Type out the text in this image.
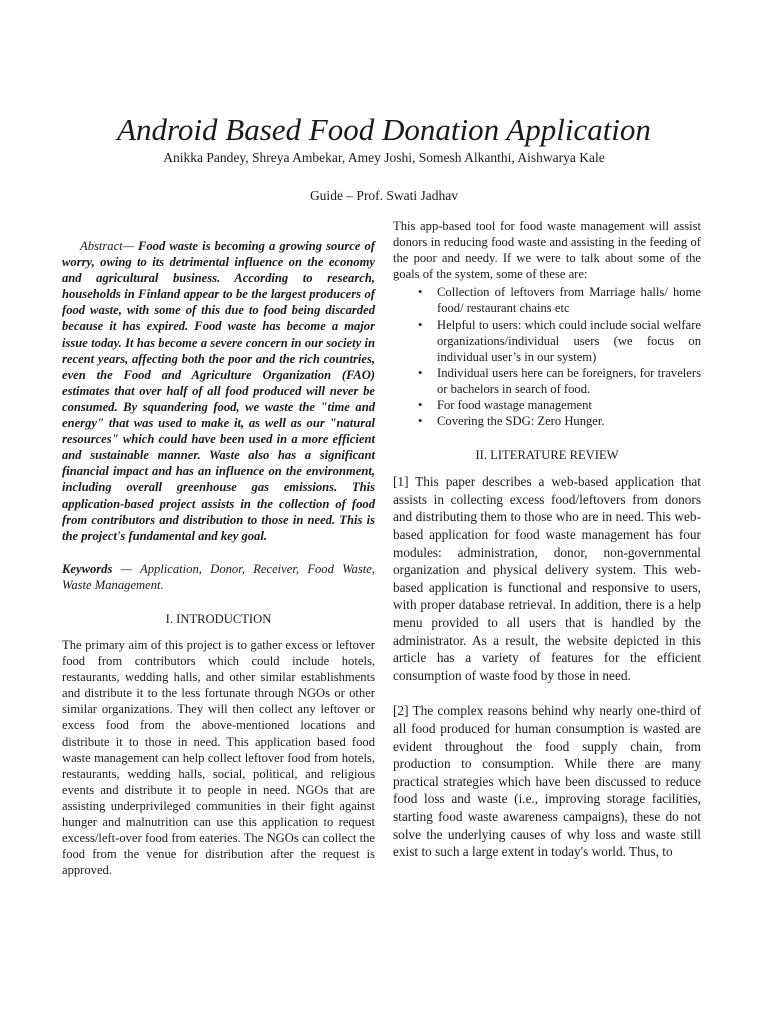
Android Based Food Donation Application
Anikka Pandey, Shreya Ambekar, Amey Joshi, Somesh Alkanthi, Aishwarya Kale
Guide – Prof. Swati Jadhav

Abstract— Food waste is becoming a growing source of worry, owing to its detrimental influence on the economy and agricultural business. According to research, households in Finland appear to be the largest producers of food waste, with some of this due to food being discarded because it has expired. Food waste has become a major issue today. It has become a severe concern in our society in recent years, affecting both the poor and the rich countries, even the Food and Agriculture Organization (FAO) estimates that over half of all food produced will never be consumed. By squandering food, we waste the "time and energy" that was used to make it, as well as our "natural resources" which could have been used in a more efficient and sustainable manner. Waste also has a significant financial impact and has an influence on the environment, including overall greenhouse gas emissions. This application-based project assists in the collection of food from contributors and distribution to those in need. This is the project's fundamental and key goal.

Keywords — Application, Donor, Receiver, Food Waste, Waste Management.

I. INTRODUCTION

The primary aim of this project is to gather excess or leftover food from contributors which could include hotels, restaurants, wedding halls, and other similar establishments and distribute it to the less fortunate through NGOs or other similar organizations. They will then collect any leftover or excess food from the above-mentioned locations and distribute it to those in need. This application based food waste management can help collect leftover food from hotels, restaurants, wedding halls, social, political, and religious events and distribute it to people in need. NGOs that are assisting underprivileged communities in their fight against hunger and malnutrition can use this application to request excess/left-over food from eateries. The NGOs can collect the food from the venue for distribution after the request is approved.

This app-based tool for food waste management will assist donors in reducing food waste and assisting in the feeding of the poor and needy. If we were to talk about some of the goals of the system, some of these are:

• Collection of leftovers from Marriage halls/ home food/ restaurant chains etc
• Helpful to users: which could include social welfare organizations/individual users (we focus on individual user’s in our system)
• Individual users here can be foreigners, for travelers or bachelors in search of food.
• For food wastage management
• Covering the SDG: Zero Hunger.
II. LITERATURE REVIEW

[1] This paper describes a web-based application that assists in collecting excess food/leftovers from donors and distributing them to those who are in need. This web-based application for food waste management has four modules: administration, donor, non-governmental organization and physical delivery system. This web-based application is functional and responsive to users, with proper database retrieval. In addition, there is a help menu provided to all users that is handled by the administrator. As a result, the website depicted in this article has a variety of features for the efficient consumption of waste food by those in need.

[2] The complex reasons behind why nearly one-third of all food produced for human consumption is wasted are evident throughout the food supply chain, from production to consumption. While there are many practical strategies which have been discussed to reduce food loss and waste (i.e., improving storage facilities, starting food waste awareness campaigns), these do not solve the underlying causes of why loss and waste still exist to such a large extent in today's world. Thus, to
